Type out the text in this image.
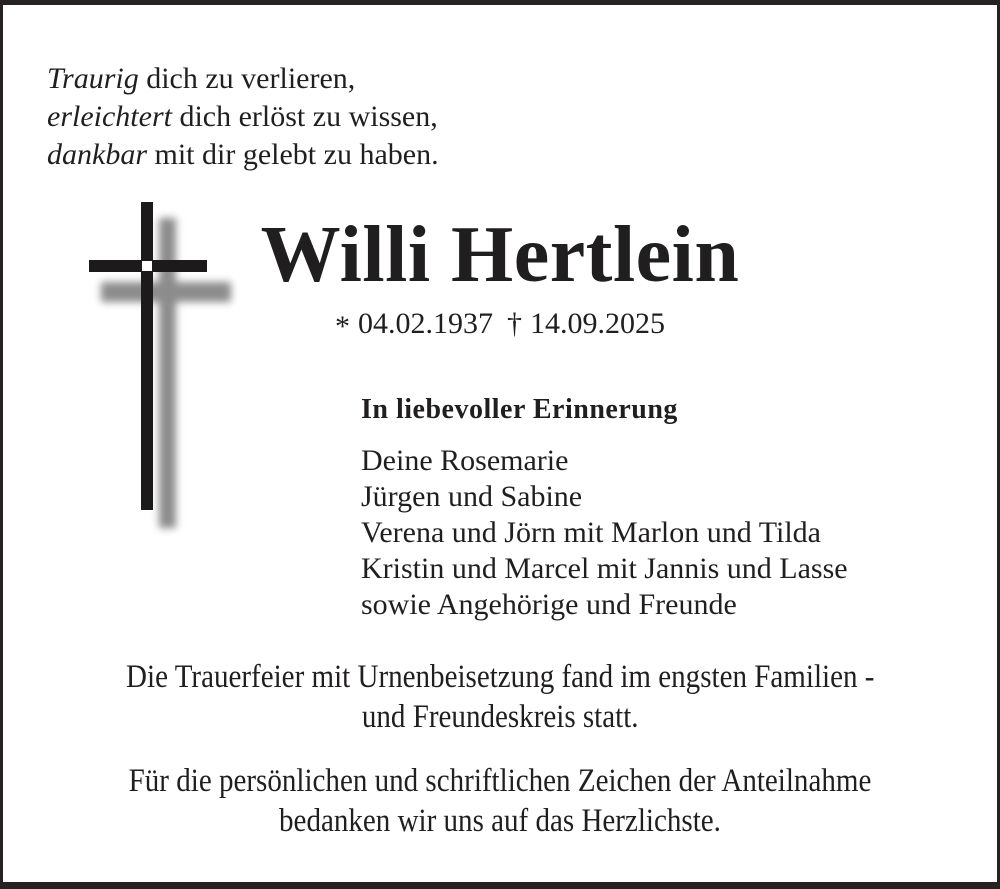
Traurig dich zu verlieren,
erleichtert dich erlöst zu wissen,
dankbar mit dir gelebt zu haben.
Willi Hertlein
* 04.02.1937 † 14.09.2025
In liebevoller Erinnerung
Deine Rosemarie
Jürgen und Sabine
Verena und Jörn mit Marlon und Tilda
Kristin und Marcel mit Jannis und Lasse
sowie Angehörige und Freunde
Die Trauerfeier mit Urnenbeisetzung fand im engsten Familien -
und Freundeskreis statt.
Für die persönlichen und schriftlichen Zeichen der Anteilnahme
bedanken wir uns auf das Herzlichste.
